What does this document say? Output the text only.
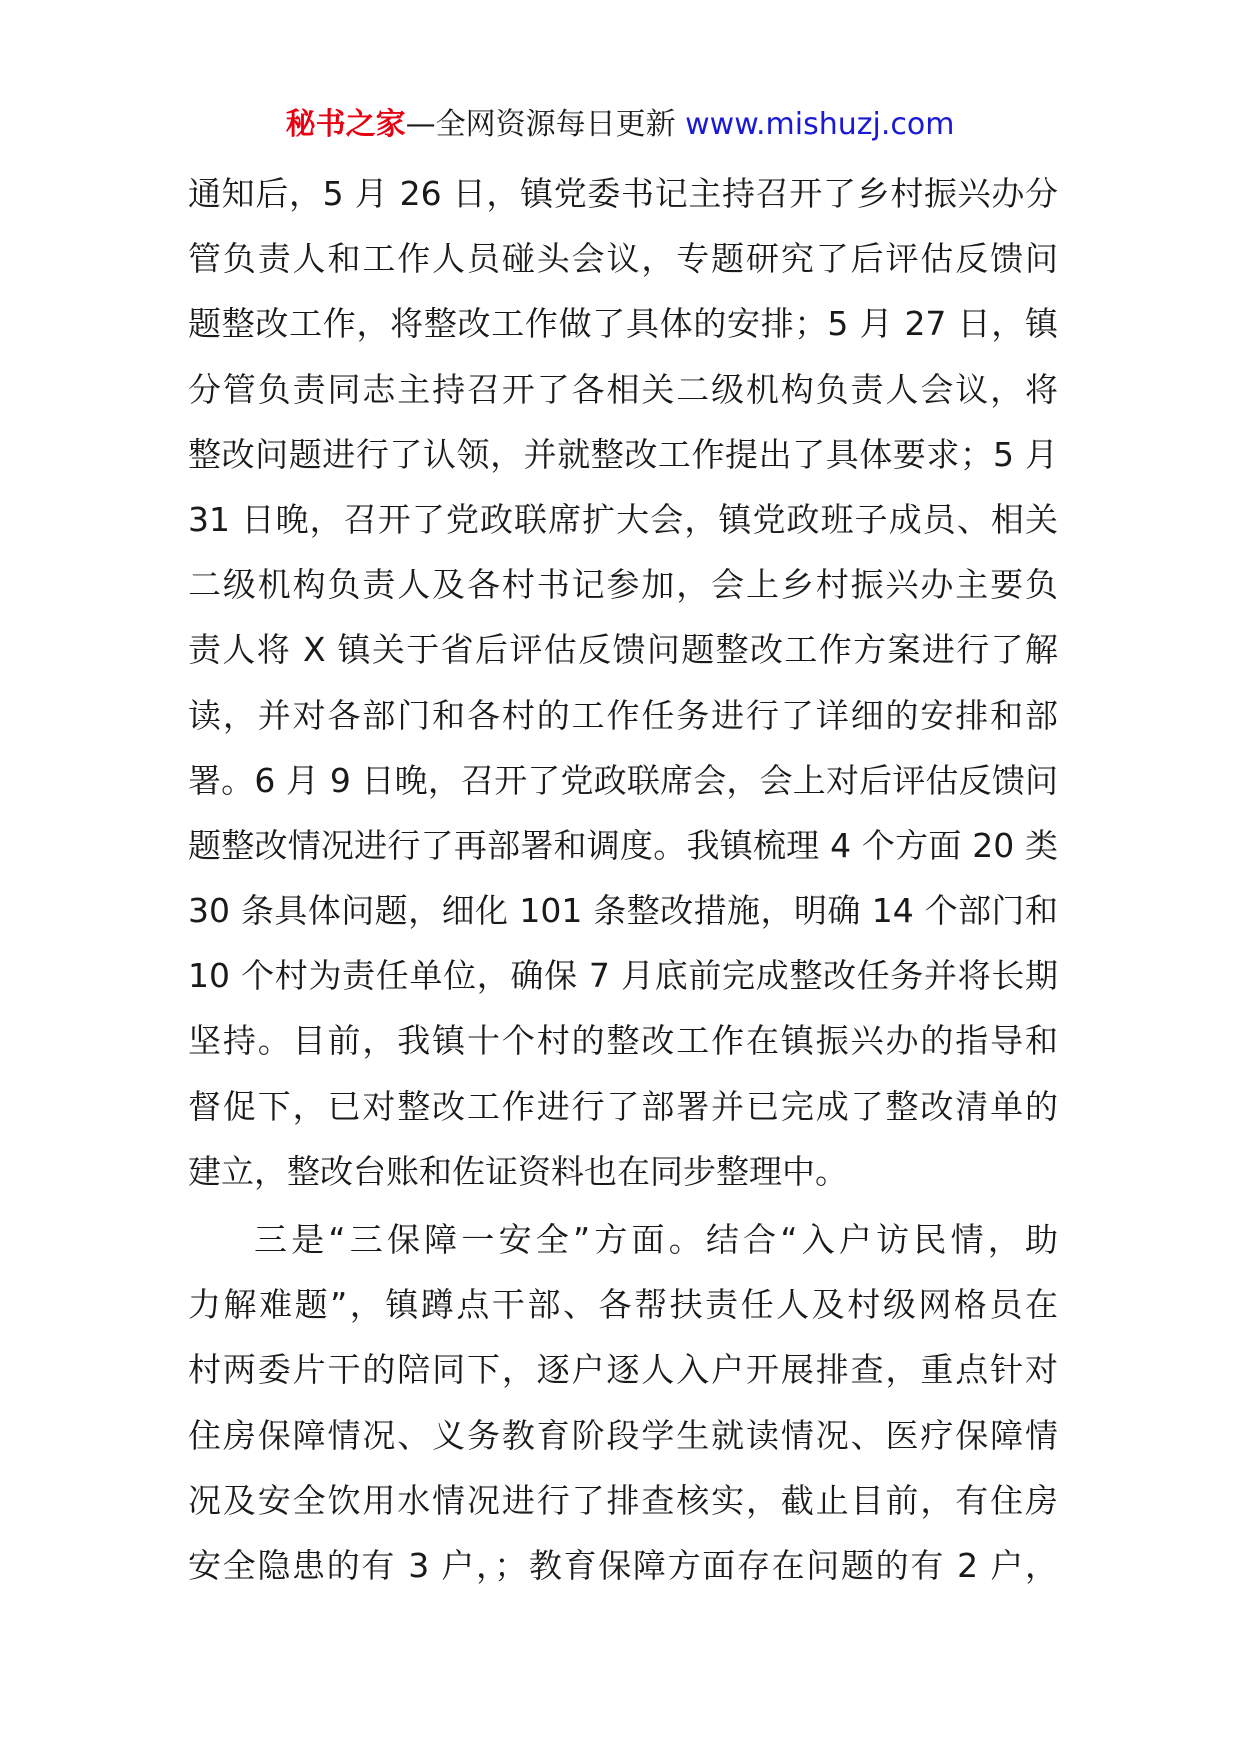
秘书之家—全网资源每日更新 www.mishuzj.com
通知后，5 月 26 日，镇党委书记主持召开了乡村振兴办分
管负责人和工作人员碰头会议，专题研究了后评估反馈问
题整改工作，将整改工作做了具体的安排；5 月 27 日，镇
分管负责同志主持召开了各相关二级机构负责人会议，将
整改问题进行了认领，并就整改工作提出了具体要求；5 月
31 日晚，召开了党政联席扩大会，镇党政班子成员、相关
二级机构负责人及各村书记参加，会上乡村振兴办主要负
责人将 X 镇关于省后评估反馈问题整改工作方案进行了解
读，并对各部门和各村的工作任务进行了详细的安排和部
署。6 月 9 日晚，召开了党政联席会，会上对后评估反馈问
题整改情况进行了再部署和调度。我镇梳理 4 个方面 20 类
30 条具体问题，细化 101 条整改措施，明确 14 个部门和
10 个村为责任单位，确保 7 月底前完成整改任务并将长期
坚持。目前，我镇十个村的整改工作在镇振兴办的指导和
督促下，已对整改工作进行了部署并已完成了整改清单的
建立，整改台账和佐证资料也在同步整理中。
三是“三保障一安全”方面。结合“入户访民情，助
力解难题”，镇蹲点干部、各帮扶责任人及村级网格员在
村两委片干的陪同下，逐户逐人入户开展排查，重点针对
住房保障情况、义务教育阶段学生就读情况、医疗保障情
况及安全饮用水情况进行了排查核实，截止目前，有住房
安全隐患的有 3 户，；教育保障方面存在问题的有 2 户，
